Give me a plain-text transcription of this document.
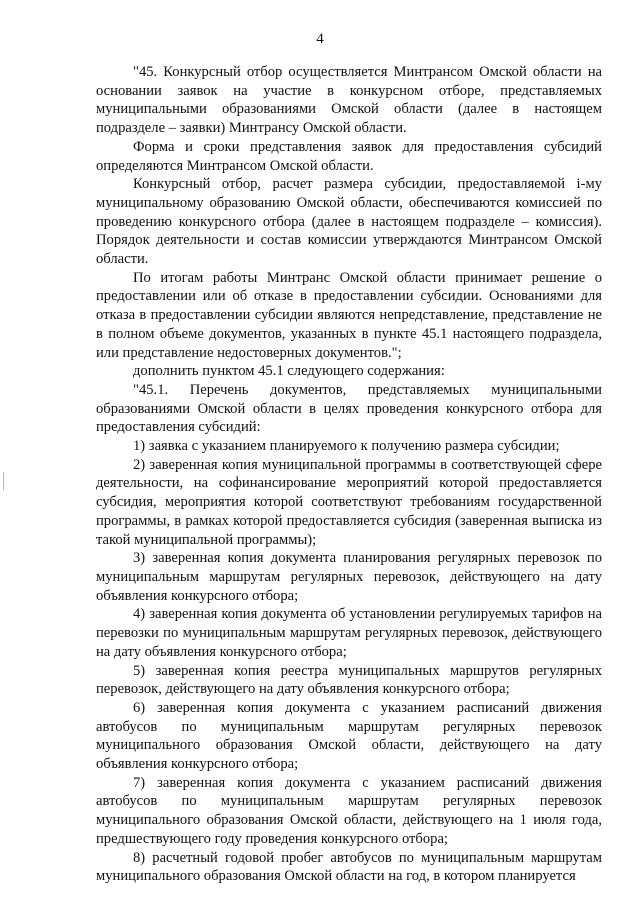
4

"45. Конкурсный отбор осуществляется Минтрансом Омской области на основании заявок на участие в конкурсном отборе, представляемых муниципальными образованиями Омской области (далее в настоящем подразделе – заявки) Минтрансу Омской области.

Форма и сроки представления заявок для предоставления субсидий определяются Минтрансом Омской области.

Конкурсный отбор, расчет размера субсидии, предоставляемой i-му муниципальному образованию Омской области, обеспечиваются комиссией по проведению конкурсного отбора (далее в настоящем подразделе – комиссия). Порядок деятельности и состав комиссии утверждаются Минтрансом Омской области.

По итогам работы Минтранс Омской области принимает решение о предоставлении или об отказе в предоставлении субсидии. Основаниями для отказа в предоставлении субсидии являются непредставление, представление не в полном объеме документов, указанных в пункте 45.1 настоящего подраздела, или представление недостоверных документов.";

дополнить пунктом 45.1 следующего содержания:

"45.1. Перечень документов, представляемых муниципальными образованиями Омской области в целях проведения конкурсного отбора для предоставления субсидий:

1) заявка с указанием планируемого к получению размера субсидии;

2) заверенная копия муниципальной программы в соответствующей сфере деятельности, на софинансирование мероприятий которой предоставляется субсидия, мероприятия которой соответствуют требованиям государственной программы, в рамках которой предоставляется субсидия (заверенная выписка из такой муниципальной программы);

3) заверенная копия документа планирования регулярных перевозок по муниципальным маршрутам регулярных перевозок, действующего на дату объявления конкурсного отбора;

4) заверенная копия документа об установлении регулируемых тарифов на перевозки по муниципальным маршрутам регулярных перевозок, действующего на дату объявления конкурсного отбора;

5) заверенная копия реестра муниципальных маршрутов регулярных перевозок, действующего на дату объявления конкурсного отбора;

6) заверенная копия документа с указанием расписаний движения автобусов по муниципальным маршрутам регулярных перевозок муниципального образования Омской области, действующего на дату объявления конкурсного отбора;

7) заверенная копия документа с указанием расписаний движения автобусов по муниципальным маршрутам регулярных перевозок муниципального образования Омской области, действующего на 1 июля года, предшествующего году проведения конкурсного отбора;

8) расчетный годовой пробег автобусов по муниципальным маршрутам муниципального образования Омской области на год, в котором планируется
